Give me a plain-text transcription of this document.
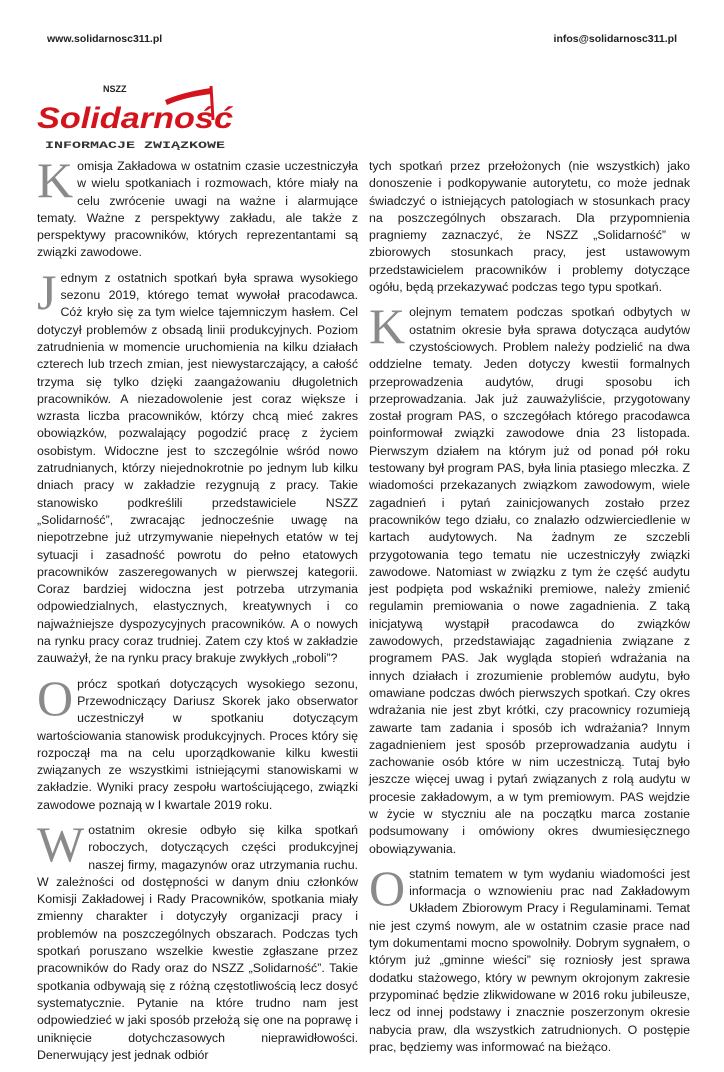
www.solidarnosc311.pl	infos@solidarnosc311.pl
NSZZ
Solidarność
INFORMACJE ZWIĄZKOWE

Komisja Zakładowa w ostatnim czasie uczestniczyła w wielu spotkaniach i rozmowach, które miały na celu zwrócenie uwagi na ważne i alarmujące tematy. Ważne z perspektywy zakładu, ale także z perspektywy pracowników, których reprezentantami są związki zawodowe.

Jednym z ostatnich spotkań była sprawa wysokiego sezonu 2019, którego temat wywołał pracodawca. Cóż kryło się za tym wielce tajemniczym hasłem. Cel dotyczył problemów z obsadą linii produkcyjnych. Poziom zatrudnienia w momencie uruchomienia na kilku działach czterech lub trzech zmian, jest niewystarczający, a całość trzyma się tylko dzięki zaangażowaniu długoletnich pracowników. A niezadowolenie jest coraz większe i wzrasta liczba pracowników, którzy chcą mieć zakres obowiązków, pozwalający pogodzić pracę z życiem osobistym. Widoczne jest to szczególnie wśród nowo zatrudnianych, którzy niejednokrotnie po jednym lub kilku dniach pracy w zakładzie rezygnują z pracy. Takie stanowisko podkreślili przedstawiciele NSZZ „Solidarność”, zwracając jednocześnie uwagę na niepotrzebne już utrzymywanie niepełnych etatów w tej sytuacji i zasadność powrotu do pełno etatowych pracowników zaszeregowanych w pierwszej kategorii. Coraz bardziej widoczna jest potrzeba utrzymania odpowiedzialnych, elastycznych, kreatywnych i co najważniejsze dyspozycyjnych pracowników. A o nowych na rynku pracy coraz trudniej. Zatem czy ktoś w zakładzie zauważył, że na rynku pracy brakuje zwykłych „roboli”?

Oprócz spotkań dotyczących wysokiego sezonu, Przewodniczący Dariusz Skorek jako obserwator uczestniczył w spotkaniu dotyczącym wartościowania stanowisk produkcyjnych. Proces który się rozpoczął ma na celu uporządkowanie kilku kwestii związanych ze wszystkimi istniejącymi stanowiskami w zakładzie. Wyniki pracy zespołu wartościującego, związki zawodowe poznają w I kwartale 2019 roku.

W ostatnim okresie odbyło się kilka spotkań roboczych, dotyczących części produkcyjnej naszej firmy, magazynów oraz utrzymania ruchu. W zależności od dostępności w danym dniu członków Komisji Zakładowej i Rady Pracowników, spotkania miały zmienny charakter i dotyczyły organizacji pracy i problemów na poszczególnych obszarach. Podczas tych spotkań poruszano wszelkie kwestie zgłaszane przez pracowników do Rady oraz do NSZZ „Solidarność”. Takie spotkania odbywają się z różną częstotliwością lecz dosyć systematycznie. Pytanie na które trudno nam jest odpowiedzieć w jaki sposób przełożą się one na poprawę i uniknięcie dotychczasowych nieprawidłowości. Denerwujący jest jednak odbiór

tych spotkań przez przełożonych (nie wszystkich) jako donoszenie i podkopywanie autorytetu, co może jednak świadczyć o istniejących patologiach w stosunkach pracy na poszczególnych obszarach. Dla przypomnienia pragniemy zaznaczyć, że NSZZ „Solidarność” w zbiorowych stosunkach pracy, jest ustawowym przedstawicielem pracowników i problemy dotyczące ogółu, będą przekazywać podczas tego typu spotkań.

Kolejnym tematem podczas spotkań odbytych w ostatnim okresie była sprawa dotycząca audytów czystościowych. Problem należy podzielić na dwa oddzielne tematy. Jeden dotyczy kwestii formalnych przeprowadzenia audytów, drugi sposobu ich przeprowadzania. Jak już zauważyliście, przygotowany został program PAS, o szczegółach którego pracodawca poinformował związki zawodowe dnia 23 listopada. Pierwszym działem na którym już od ponad pół roku testowany był program PAS, była linia ptasiego mleczka. Z wiadomości przekazanych związkom zawodowym, wiele zagadnień i pytań zainicjowanych zostało przez pracowników tego działu, co znalazło odzwierciedlenie w kartach audytowych. Na żadnym ze szczebli przygotowania tego tematu nie uczestniczyły związki zawodowe. Natomiast w związku z tym że część audytu jest podpięta pod wskaźniki premiowe, należy zmienić regulamin premiowania o nowe zagadnienia. Z taką inicjatywą wystąpił pracodawca do związków zawodowych, przedstawiając zagadnienia związane z programem PAS. Jak wygląda stopień wdrażania na innych działach i zrozumienie problemów audytu, było omawiane podczas dwóch pierwszych spotkań. Czy okres wdrażania nie jest zbyt krótki, czy pracownicy rozumieją zawarte tam zadania i sposób ich wdrażania? Innym zagadnieniem jest sposób przeprowadzania audytu i zachowanie osób które w nim uczestniczą. Tutaj było jeszcze więcej uwag i pytań związanych z rolą audytu w procesie zakładowym, a w tym premiowym. PAS wejdzie w życie w styczniu ale na początku marca zostanie podsumowany i omówiony okres dwumiesięcznego obowiązywania.

Ostatnim tematem w tym wydaniu wiadomości jest informacja o wznowieniu prac nad Zakładowym Układem Zbiorowym Pracy i Regulaminami. Temat nie jest czymś nowym, ale w ostatnim czasie prace nad tym dokumentami mocno spowolniły. Dobrym sygnałem, o którym już „gminne wieści” się rozniosły jest sprawa dodatku stażowego, który w pewnym okrojonym zakresie przypominać będzie zlikwidowane w 2016 roku jubileusze, lecz od innej podstawy i znacznie poszerzonym okresie nabycia praw, dla wszystkich zatrudnionych. O postępie prac, będziemy was informować na bieżąco.
